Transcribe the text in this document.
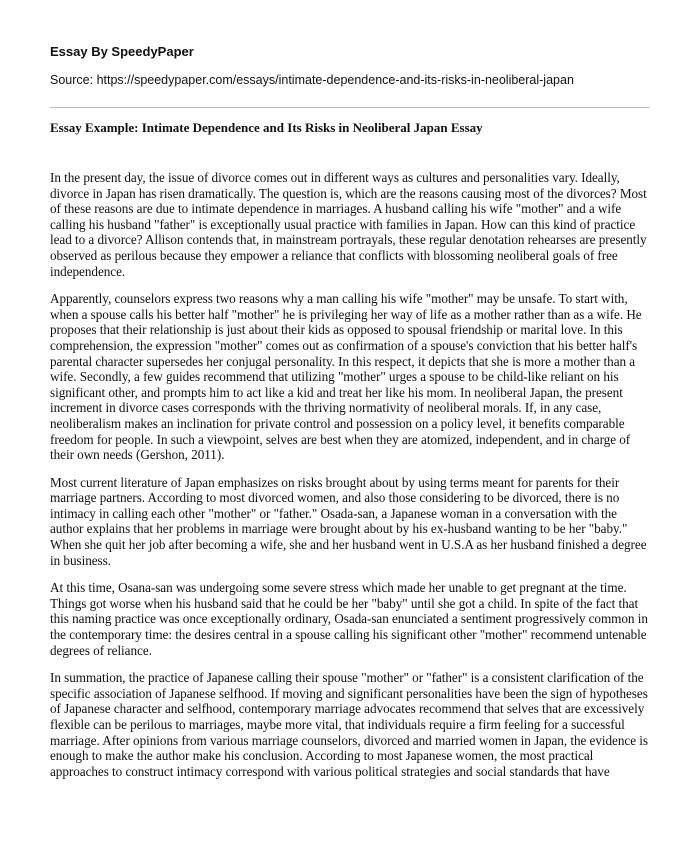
Essay By SpeedyPaper
Source: https://speedypaper.com/essays/intimate-dependence-and-its-risks-in-neoliberal-japan
Essay Example: Intimate Dependence and Its Risks in Neoliberal Japan Essay

In the present day, the issue of divorce comes out in different ways as cultures and personalities vary. Ideally, divorce in Japan has risen dramatically. The question is, which are the reasons causing most of the divorces? Most of these reasons are due to intimate dependence in marriages. A husband calling his wife "mother" and a wife calling his husband "father" is exceptionally usual practice with families in Japan. How can this kind of practice lead to a divorce? Allison contends that, in mainstream portrayals, these regular denotation rehearses are presently observed as perilous because they empower a reliance that conflicts with blossoming neoliberal goals of free independence.

Apparently, counselors express two reasons why a man calling his wife "mother" may be unsafe. To start with, when a spouse calls his better half "mother" he is privileging her way of life as a mother rather than as a wife. He proposes that their relationship is just about their kids as opposed to spousal friendship or marital love. In this comprehension, the expression "mother" comes out as confirmation of a spouse's conviction that his better half's parental character supersedes her conjugal personality. In this respect, it depicts that she is more a mother than a wife. Secondly, a few guides recommend that utilizing "mother" urges a spouse to be child-like reliant on his significant other, and prompts him to act like a kid and treat her like his mom. In neoliberal Japan, the present increment in divorce cases corresponds with the thriving normativity of neoliberal morals. If, in any case, neoliberalism makes an inclination for private control and possession on a policy level, it benefits comparable freedom for people. In such a viewpoint, selves are best when they are atomized, independent, and in charge of their own needs (Gershon, 2011).

Most current literature of Japan emphasizes on risks brought about by using terms meant for parents for their marriage partners. According to most divorced women, and also those considering to be divorced, there is no intimacy in calling each other "mother" or "father." Osada-san, a Japanese woman in a conversation with the author explains that her problems in marriage were brought about by his ex-husband wanting to be her "baby." When she quit her job after becoming a wife, she and her husband went in U.S.A as her husband finished a degree in business.

At this time, Osana-san was undergoing some severe stress which made her unable to get pregnant at the time. Things got worse when his husband said that he could be her "baby" until she got a child. In spite of the fact that this naming practice was once exceptionally ordinary, Osada-san enunciated a sentiment progressively common in the contemporary time: the desires central in a spouse calling his significant other "mother" recommend untenable degrees of reliance.

In summation, the practice of Japanese calling their spouse "mother" or "father" is a consistent clarification of the specific association of Japanese selfhood. If moving and significant personalities have been the sign of hypotheses of Japanese character and selfhood, contemporary marriage advocates recommend that selves that are excessively flexible can be perilous to marriages, maybe more vital, that individuals require a firm feeling for a successful marriage. After opinions from various marriage counselors, divorced and married women in Japan, the evidence is enough to make the author make his conclusion. According to most Japanese women, the most practical approaches to construct intimacy correspond with various political strategies and social standards that have
